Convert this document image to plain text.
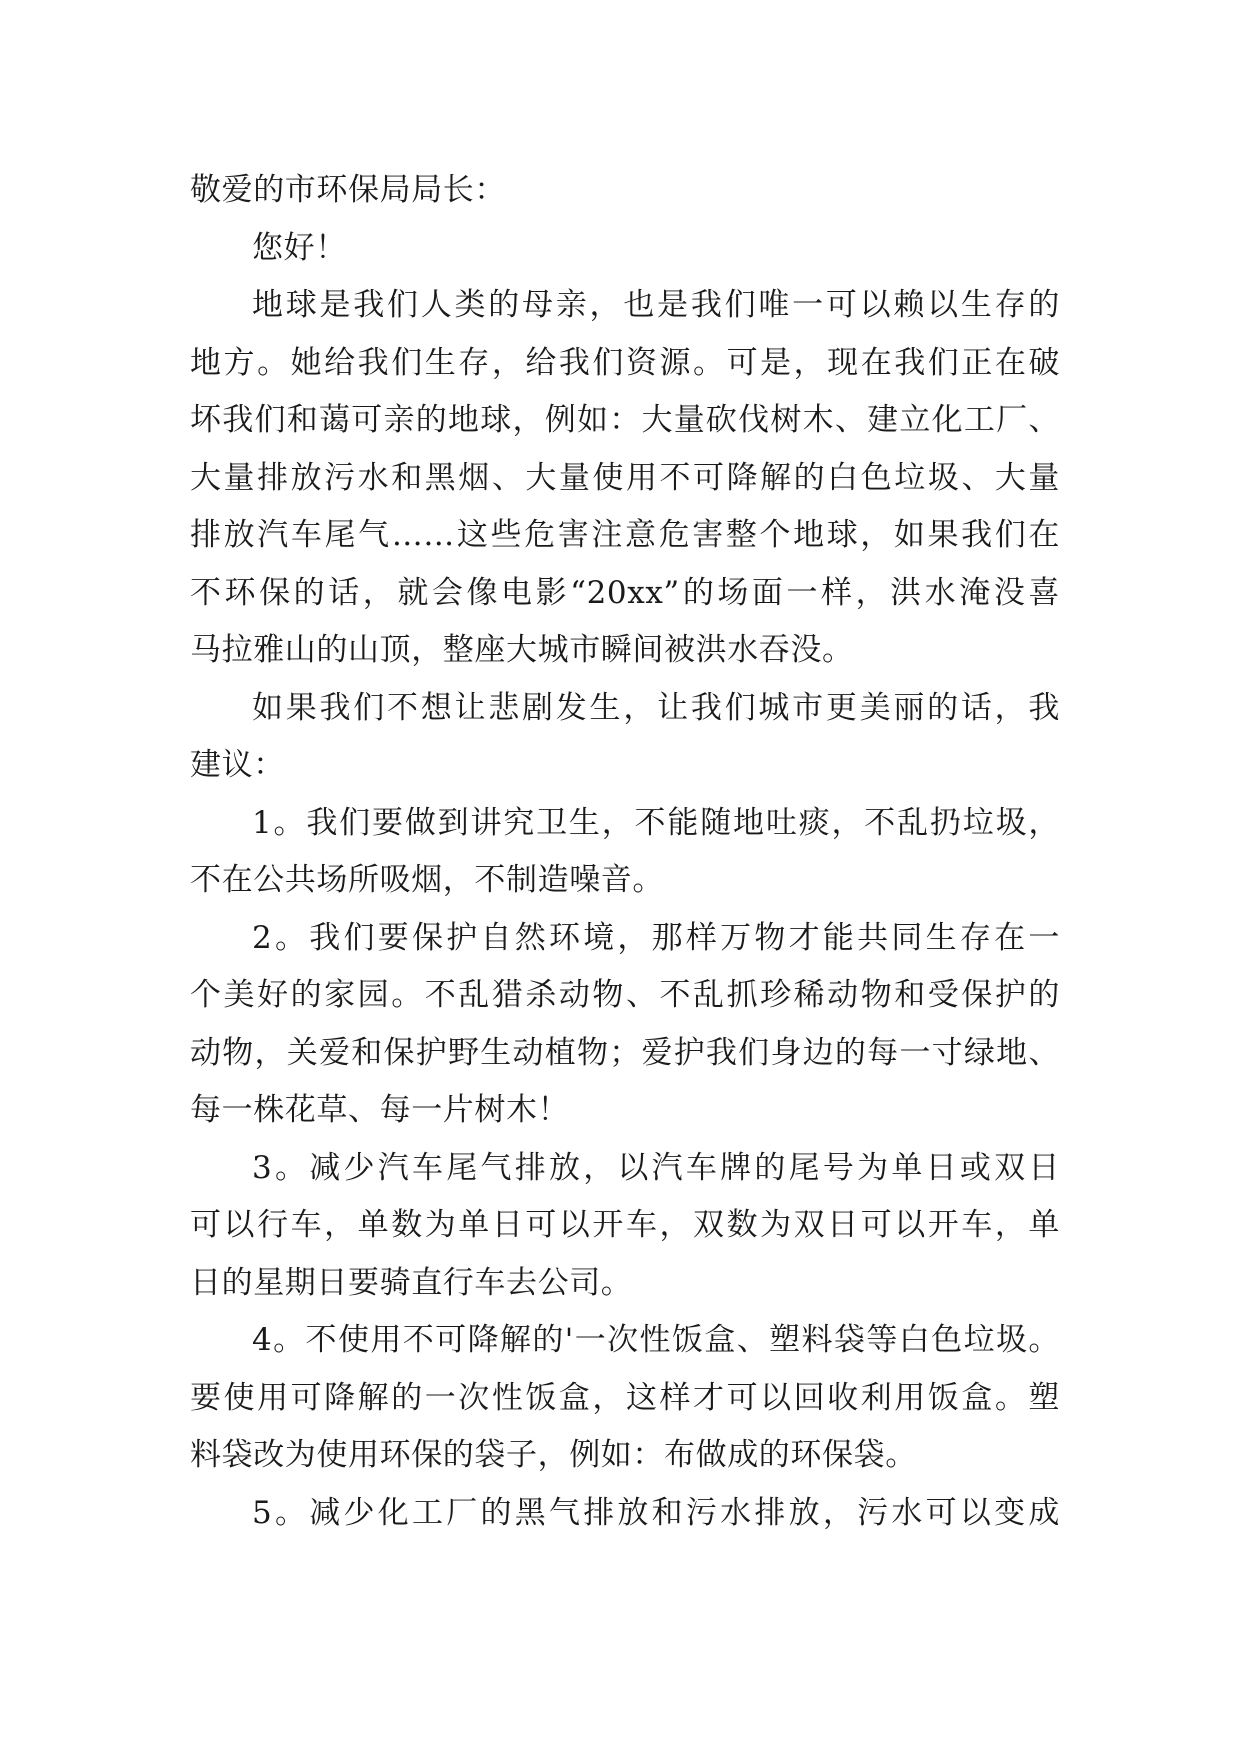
敬爱的市环保局局长：
您好！
地球是我们人类的母亲，也是我们唯一可以赖以生存的
地方。她给我们生存，给我们资源。可是，现在我们正在破
坏我们和蔼可亲的地球，例如：大量砍伐树木、建立化工厂、
大量排放污水和黑烟、大量使用不可降解的白色垃圾、大量
排放汽车尾气……这些危害注意危害整个地球，如果我们在
不环保的话，就会像电影“20xx”的场面一样，洪水淹没喜
马拉雅山的山顶，整座大城市瞬间被洪水吞没。
如果我们不想让悲剧发生，让我们城市更美丽的话，我
建议：
1。我们要做到讲究卫生，不能随地吐痰，不乱扔垃圾，
不在公共场所吸烟，不制造噪音。
2。我们要保护自然环境，那样万物才能共同生存在一
个美好的家园。不乱猎杀动物、不乱抓珍稀动物和受保护的
动物，关爱和保护野生动植物；爱护我们身边的每一寸绿地、
每一株花草、每一片树木！
3。减少汽车尾气排放，以汽车牌的尾号为单日或双日
可以行车，单数为单日可以开车，双数为双日可以开车，单
日的星期日要骑直行车去公司。
4。不使用不可降解的'一次性饭盒、塑料袋等白色垃圾。
要使用可降解的一次性饭盒，这样才可以回收利用饭盒。塑
料袋改为使用环保的袋子，例如：布做成的环保袋。
5。减少化工厂的黑气排放和污水排放，污水可以变成
